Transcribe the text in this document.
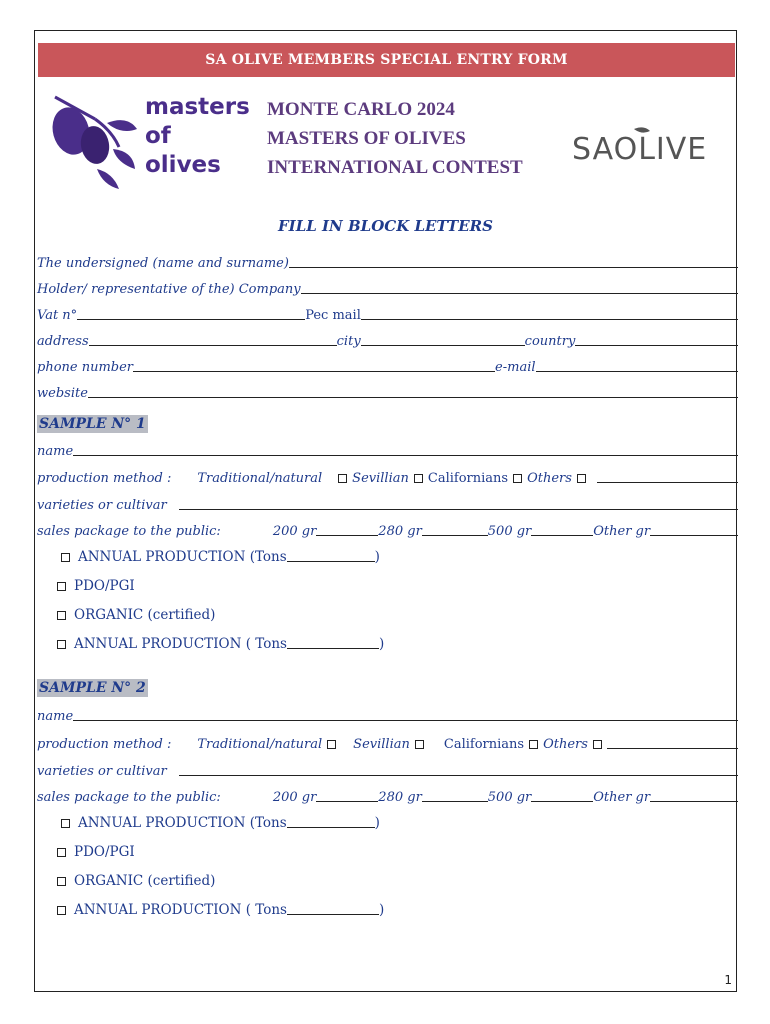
SA OLIVE MEMBERS SPECIAL ENTRY FORM
masters
of
olives
MONTE CARLO 2024
MASTERS OF OLIVES
INTERNATIONAL CONTEST
SAOLIVE
FILL IN BLOCK LETTERS
The undersigned (name and surname)
Holder/ representative of the) Company
Vat n°	Pec mail
address	city	country
phone number	e-mail
website
SAMPLE N° 1
name
production method : Traditional/natural Sevillian Californians Others
varieties or cultivar
sales package to the public:	200 gr	280 gr	500 gr	Other gr
ANNUAL PRODUCTION (Tons	)
PDO/PGI
ORGANIC (certified)
ANNUAL PRODUCTION ( Tons	)
SAMPLE N° 2
name
production method : Traditional/natural Sevillian	Californians Others
varieties or cultivar
sales package to the public:	200 gr	280 gr	500 gr	Other gr
ANNUAL PRODUCTION (Tons	)
PDO/PGI
ORGANIC (certified)
ANNUAL PRODUCTION ( Tons	)
1
